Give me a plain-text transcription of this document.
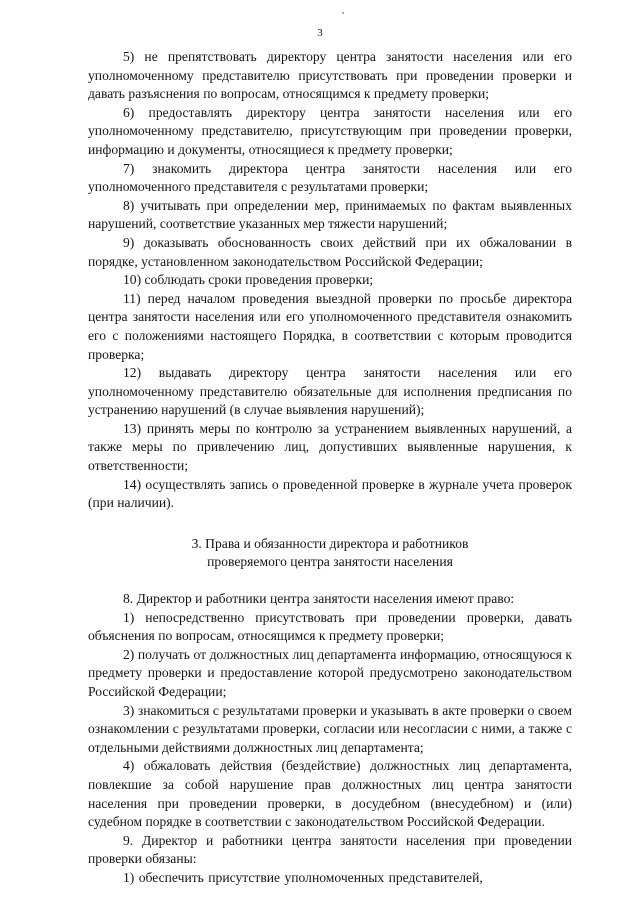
3

5) не препятствовать директору центра занятости населения или его уполномоченному представителю присутствовать при проведении проверки и давать разъяснения по вопросам, относящимся к предмету проверки;

6) предоставлять директору центра занятости населения или его уполномоченному представителю, присутствующим при проведении проверки, информацию и документы, относящиеся к предмету проверки;

7) знакомить директора центра занятости населения или его уполномоченного представителя с результатами проверки;

8) учитывать при определении мер, принимаемых по фактам выявленных нарушений, соответствие указанных мер тяжести нарушений;

9) доказывать обоснованность своих действий при их обжаловании в порядке, установленном законодательством Российской Федерации;

10) соблюдать сроки проведения проверки;

11) перед началом проведения выездной проверки по просьбе директора центра занятости населения или его уполномоченного представителя ознакомить его с положениями настоящего Порядка, в соответствии с которым проводится проверка;

12) выдавать директору центра занятости населения или его уполномоченному представителю обязательные для исполнения предписания по устранению нарушений (в случае выявления нарушений);

13) принять меры по контролю за устранением выявленных нарушений, а также меры по привлечению лиц, допустивших выявленные нарушения, к ответственности;

14) осуществлять запись о проведенной проверке в журнале учета проверок (при наличии).

3. Права и обязанности директора и работников
проверяемого центра занятости населения

8. Директор и работники центра занятости населения имеют право:

1) непосредственно присутствовать при проведении проверки, давать объяснения по вопросам, относящимся к предмету проверки;

2) получать от должностных лиц департамента информацию, относящуюся к предмету проверки и предоставление которой предусмотрено законодательством Российской Федерации;

3) знакомиться с результатами проверки и указывать в акте проверки о своем ознакомлении с результатами проверки, согласии или несогласии с ними, а также с отдельными действиями должностных лиц департамента;

4) обжаловать действия (бездействие) должностных лиц департамента, повлекшие за собой нарушение прав должностных лиц центра занятости населения при проведении проверки, в досудебном (внесудебном) и (или) судебном порядке в соответствии с законодательством Российской Федерации.

9. Директор и работники центра занятости населения при проведении проверки обязаны:

1) обеспечить присутствие уполномоченных представителей,
